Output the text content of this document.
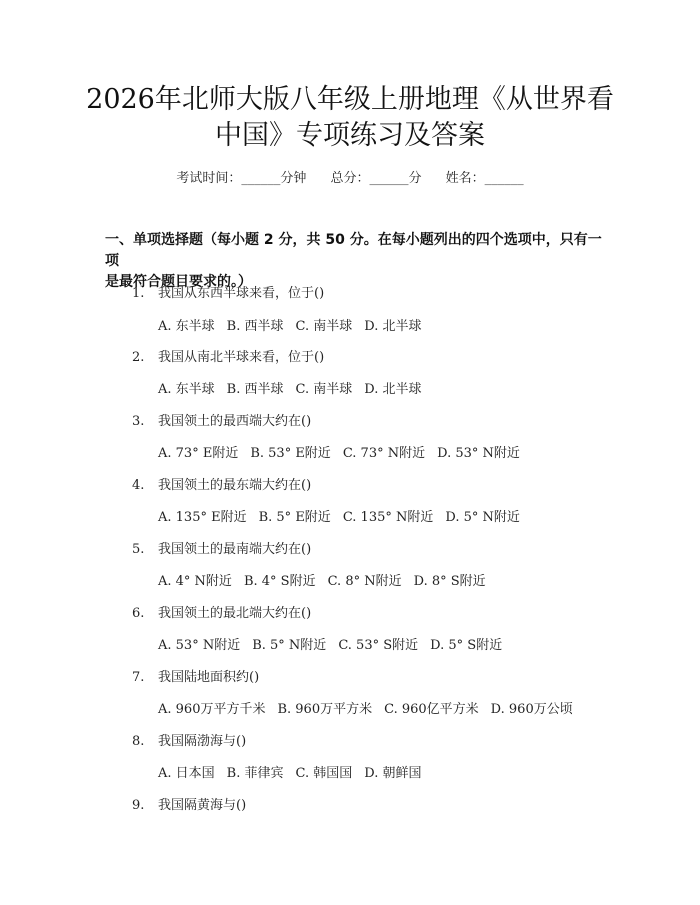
2026年北师大版八年级上册地理《从世界看
中国》专项练习及答案
考试时间：______分钟 总分：______分 姓名：______
一、单项选择题（每小题 2 分，共 50 分。在每小题列出的四个选项中，只有一项
是最符合题目要求的。）
1. 我国从东西半球来看，位于()
A. 东半球 B. 西半球 C. 南半球 D. 北半球
2. 我国从南北半球来看，位于()
A. 东半球 B. 西半球 C. 南半球 D. 北半球
3. 我国领土的最西端大约在()
A. 73° E附近 B. 53° E附近 C. 73° N附近 D. 53° N附近
4. 我国领土的最东端大约在()
A. 135° E附近 B. 5° E附近 C. 135° N附近 D. 5° N附近
5. 我国领土的最南端大约在()
A. 4° N附近 B. 4° S附近 C. 8° N附近 D. 8° S附近
6. 我国领土的最北端大约在()
A. 53° N附近 B. 5° N附近 C. 53° S附近 D. 5° S附近
7. 我国陆地面积约()
A. 960万平方千米 B. 960万平方米 C. 960亿平方米 D. 960万公顷
8. 我国隔渤海与()
A. 日本国 B. 菲律宾 C. 韩国国 D. 朝鲜国
9. 我国隔黄海与()
